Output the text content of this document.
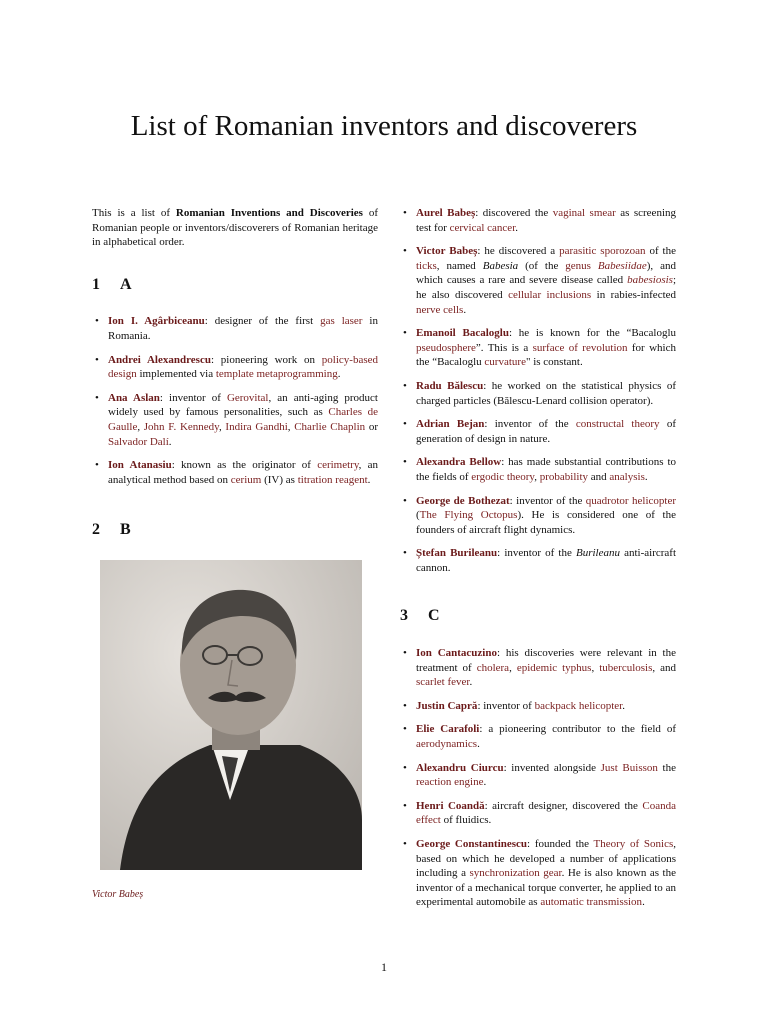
List of Romanian inventors and discoverers

This is a list of Romanian Inventions and Discoveries of Romanian people or inventors/discoverers of Romanian heritage in alphabetical order.

1	A
• Ion I. Agârbiceanu: designer of the first gas laser in Romania.
• Andrei Alexandrescu: pioneering work on policy-based design implemented via template metaprogramming.
• Ana Aslan: inventor of Gerovital, an anti-aging product widely used by famous personalities, such as Charles de Gaulle, John F. Kennedy, Indira Gandhi, Charlie Chaplin or Salvador Dalí.
• Ion Atanasiu: known as the originator of cerimetry, an analytical method based on cerium (IV) as titration reagent.
2	B

Victor Babeș

• Aurel Babeș: discovered the vaginal smear as screening test for cervical cancer.
• Victor Babeș: he discovered a parasitic sporozoan of the ticks, named Babesia (of the genus Babesiidae), and which causes a rare and severe disease called babesiosis; he also discovered cellular inclusions in rabies-infected nerve cells.
• Emanoil Bacaloglu: he is known for the “Bacaloglu pseudosphere”. This is a surface of revolution for which the “Bacaloglu curvature" is constant.
• Radu Bălescu: he worked on the statistical physics of charged particles (Bălescu-Lenard collision operator).
• Adrian Bejan: inventor of the constructal theory of generation of design in nature.
• Alexandra Bellow: has made substantial contributions to the fields of ergodic theory, probability and analysis.
• George de Bothezat: inventor of the quadrotor helicopter (The Flying Octopus). He is considered one of the founders of aircraft flight dynamics.
• Ștefan Burileanu: inventor of the Burileanu anti-aircraft cannon.
3	C
• Ion Cantacuzino: his discoveries were relevant in the treatment of cholera, epidemic typhus, tuberculosis, and scarlet fever.
• Justin Capră: inventor of backpack helicopter.
• Elie Carafoli: a pioneering contributor to the field of aerodynamics.
• Alexandru Ciurcu: invented alongside Just Buisson the reaction engine.
• Henri Coandă: aircraft designer, discovered the Coanda effect of fluidics.
• George Constantinescu: founded the Theory of Sonics, based on which he developed a number of applications including a synchronization gear. He is also known as the inventor of a mechanical torque converter, he applied to an experimental automobile as automatic transmission.
1
